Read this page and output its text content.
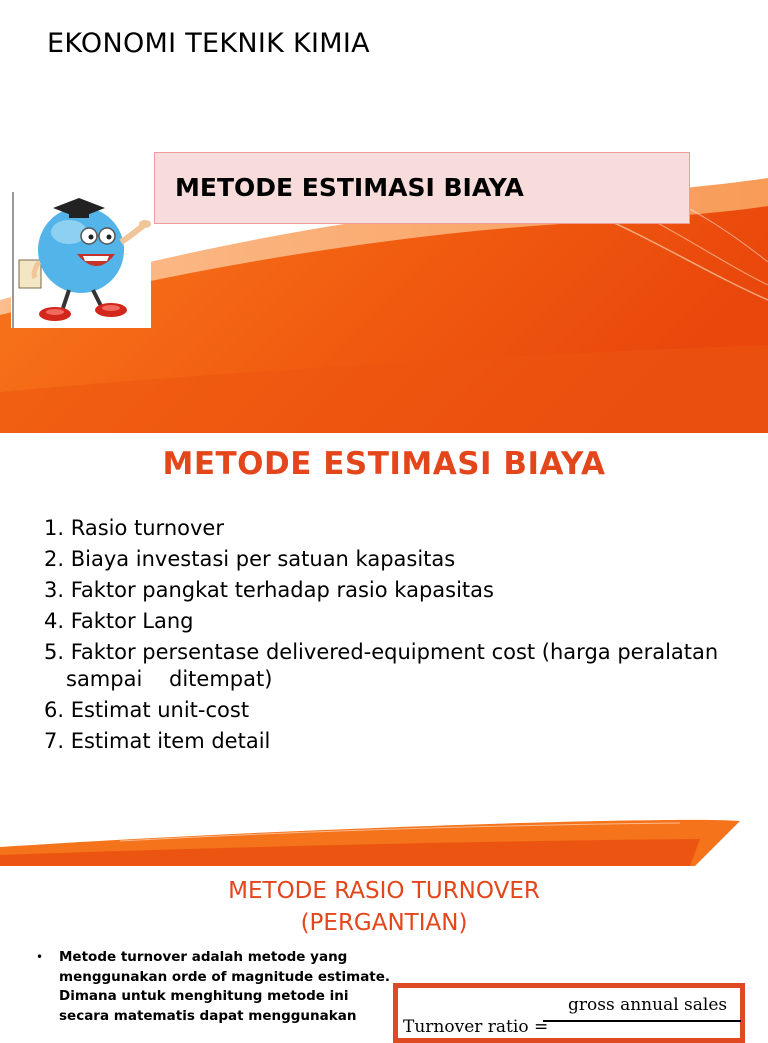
EKONOMI TEKNIK KIMIA
METODE ESTIMASI BIAYA
METODE ESTIMASI BIAYA
1. Rasio turnover
2. Biaya investasi per satuan kapasitas
3. Faktor pangkat terhadap rasio kapasitas
4. Faktor Lang
5. Faktor persentase delivered-equipment cost (harga peralatan
sampai    ditempat)
6. Estimat unit-cost
7. Estimat item detail
METODE RASIO TURNOVER
(PERGANTIAN)
• Metode turnover adalah metode yang
menggunakan orde of magnitude estimate.
Dimana untuk menghitung metode ini
secara matematis dapat menggunakan
gross annual sales
Turnover ratio =
